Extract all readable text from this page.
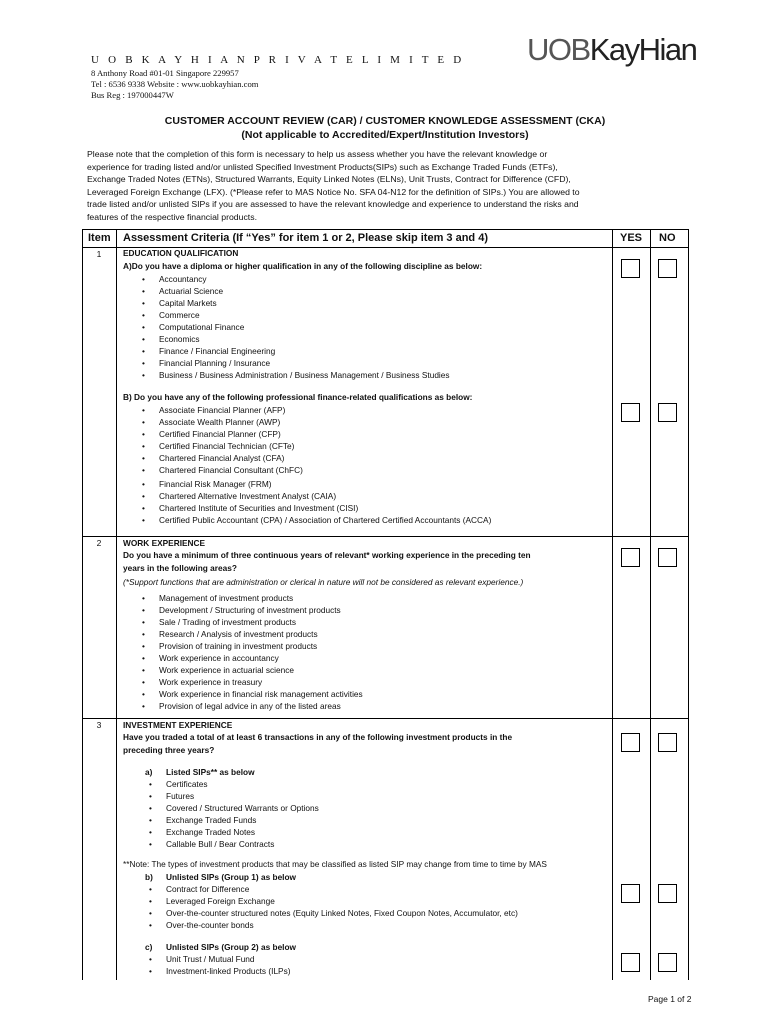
U O B K A Y H I A N P R I V A T E L I M I T E D
8 Anthony Road #01-01 Singapore 229957
Tel : 6536 9338 Website : www.uobkayhian.com
Bus Reg : 197000447W
UOBKayHian
CUSTOMER ACCOUNT REVIEW (CAR) / CUSTOMER KNOWLEDGE ASSESSMENT (CKA)
(Not applicable to Accredited/Expert/Institution Investors)
Please note that the completion of this form is necessary to help us assess whether you have the relevant knowledge or
experience for trading listed and/or unlisted Specified Investment Products(SIPs) such as Exchange Traded Funds (ETFs),
Exchange Traded Notes (ETNs), Structured Warrants, Equity Linked Notes (ELNs), Unit Trusts, Contract for Difference (CFD),
Leveraged Foreign Exchange (LFX). (*Please refer to MAS Notice No. SFA 04-N12 for the definition of SIPs.) You are allowed to
trade listed and/or unlisted SIPs if you are assessed to have the relevant knowledge and experience to understand the risks and
features of the respective financial products.
Item Assessment Criteria (If “Yes” for item 1 or 2, Please skip item 3 and 4)	YES NO
1	EDUCATION QUALIFICATION
A)Do you have a diploma or higher qualification in any of the following discipline as below:
• Accountancy
• Actuarial Science
• Capital Markets
• Commerce
• Computational Finance
• Economics
• Finance / Financial Engineering
• Financial Planning / Insurance
• Business / Business Administration / Business Management / Business Studies
B) Do you have any of the following professional finance-related qualifications as below:
• Associate Financial Planner (AFP)
• Associate Wealth Planner (AWP)
• Certified Financial Planner (CFP)
• Certified Financial Technician (CFTe)
• Chartered Financial Analyst (CFA)
• Chartered Financial Consultant (ChFC)
• Financial Risk Manager (FRM)
• Chartered Alternative Investment Analyst (CAIA)
• Chartered Institute of Securities and Investment (CISI)
• Certified Public Accountant (CPA) / Association of Chartered Certified Accountants (ACCA)
2	WORK EXPERIENCE
Do you have a minimum of three continuous years of relevant* working experience in the preceding ten
years in the following areas?
(*Support functions that are administration or clerical in nature will not be considered as relevant experience.)
• Management of investment products
• Development / Structuring of investment products
• Sale / Trading of investment products
• Research / Analysis of investment products
• Provision of training in investment products
• Work experience in accountancy
• Work experience in actuarial science
• Work experience in treasury
• Work experience in financial risk management activities
• Provision of legal advice in any of the listed areas
3	INVESTMENT EXPERIENCE
Have you traded a total of at least 6 transactions in any of the following investment products in the
preceding three years?
a) Listed SIPs** as below
• Certificates
• Futures
• Covered / Structured Warrants or Options
• Exchange Traded Funds
• Exchange Traded Notes
• Callable Bull / Bear Contracts
**Note: The types of investment products that may be classified as listed SIP may change from time to time by MAS
b) Unlisted SIPs (Group 1) as below
• Contract for Difference
• Leveraged Foreign Exchange
• Over-the-counter structured notes (Equity Linked Notes, Fixed Coupon Notes, Accumulator, etc)
• Over-the-counter bonds
c) Unlisted SIPs (Group 2) as below
• Unit Trust / Mutual Fund
• Investment-linked Products (ILPs)
Page 1 of 2
